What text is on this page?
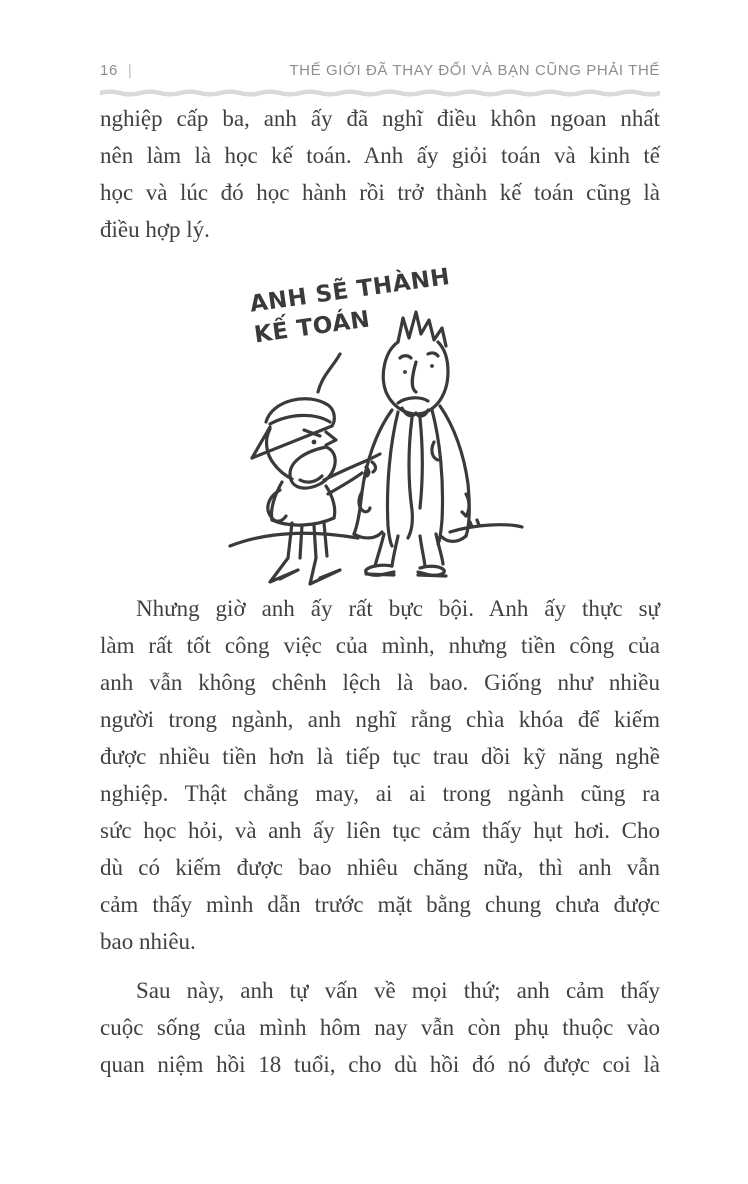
16 |	THẾ GIỚI ĐÃ THAY ĐỔI VÀ BẠN CŨNG PHẢI THẾ
nghiệp cấp ba, anh ấy đã nghĩ điều khôn ngoan nhất
nên làm là học kế toán. Anh ấy giỏi toán và kinh tế
học và lúc đó học hành rồi trở thành kế toán cũng là
điều hợp lý.
ANH SẼ THÀNH
KẾ TOÁN
Nhưng giờ anh ấy rất bực bội. Anh ấy thực sự
làm rất tốt công việc của mình, nhưng tiền công của
anh vẫn không chênh lệch là bao. Giống như nhiều
người trong ngành, anh nghĩ rằng chìa khóa để kiếm
được nhiều tiền hơn là tiếp tục trau dồi kỹ năng nghề
nghiệp. Thật chẳng may, ai ai trong ngành cũng ra
sức học hỏi, và anh ấy liên tục cảm thấy hụt hơi. Cho
dù có kiếm được bao nhiêu chăng nữa, thì anh vẫn
cảm thấy mình dẫn trước mặt bằng chung chưa được
bao nhiêu.
Sau này, anh tự vấn về mọi thứ; anh cảm thấy
cuộc sống của mình hôm nay vẫn còn phụ thuộc vào
quan niệm hồi 18 tuổi, cho dù hồi đó nó được coi là
